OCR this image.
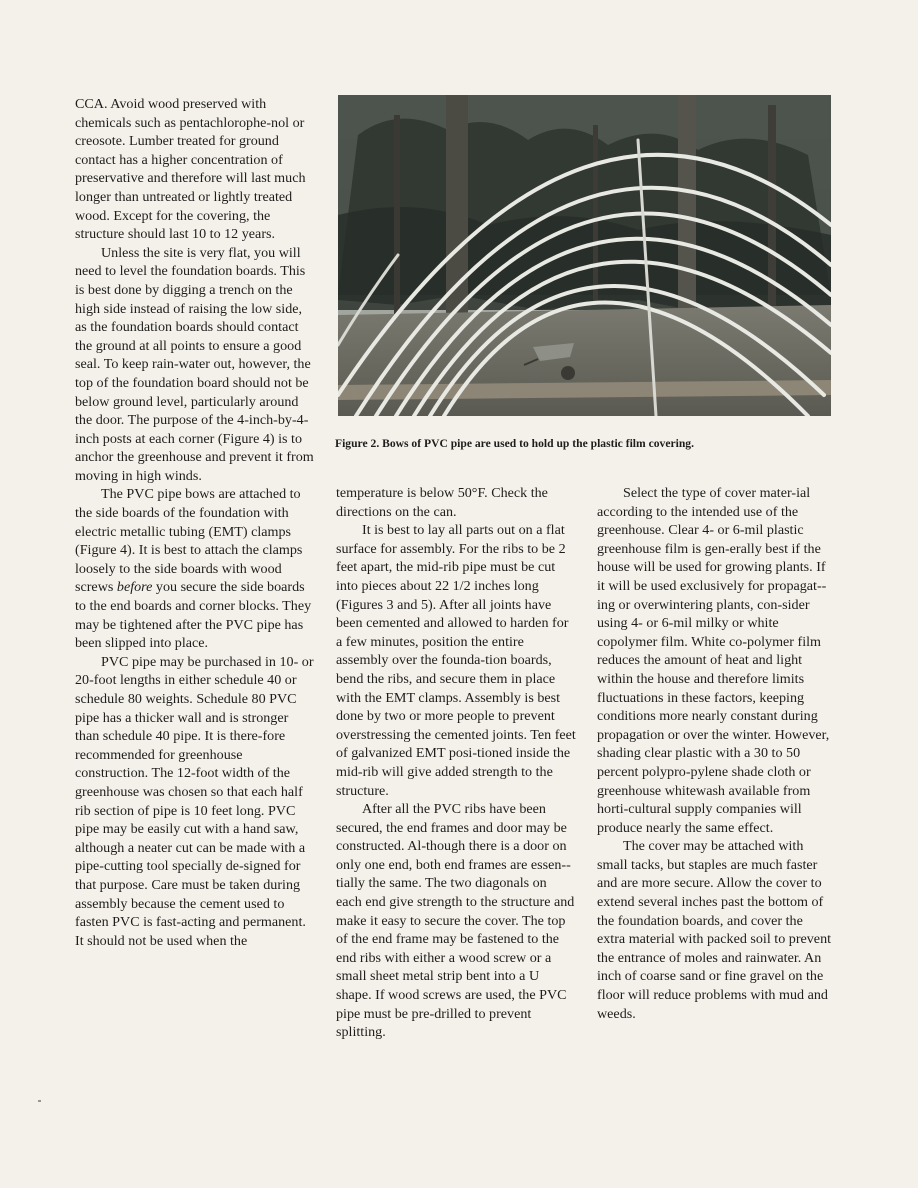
CCA. Avoid wood preserved with chemicals such as pentachlorophe-nol or creosote. Lumber treated for ground contact has a higher concentration of preservative and therefore will last much longer than untreated or lightly treated wood. Except for the covering, the structure should last 10 to 12 years.

Unless the site is very flat, you will need to level the foundation boards. This is best done by digging a trench on the high side instead of raising the low side, as the foundation boards should contact the ground at all points to ensure a good seal. To keep rain-water out, however, the top of the foundation board should not be below ground level, particularly around the door. The purpose of the 4-inch-by-4-inch posts at each corner (Figure 4) is to anchor the greenhouse and prevent it from moving in high winds.

The PVC pipe bows are attached to the side boards of the foundation with electric metallic tubing (EMT) clamps (Figure 4). It is best to attach the clamps loosely to the side boards with wood screws before you secure the side boards to the end boards and corner blocks. They may be tightened after the PVC pipe has been slipped into place.

PVC pipe may be purchased in 10- or 20-foot lengths in either schedule 40 or schedule 80 weights. Schedule 80 PVC pipe has a thicker wall and is stronger than schedule 40 pipe. It is there-fore recommended for greenhouse construction. The 12-foot width of the greenhouse was chosen so that each half rib section of pipe is 10 feet long. PVC pipe may be easily cut with a hand saw, although a neater cut can be made with a pipe-cutting tool specially de-signed for that purpose. Care must be taken during assembly because the cement used to fasten PVC is fast-acting and permanent. It should not be used when the

Figure 2. Bows of PVC pipe are used to hold up the plastic film covering.

temperature is below 50°F. Check the directions on the can.

It is best to lay all parts out on a flat surface for assembly. For the ribs to be 2 feet apart, the mid-rib pipe must be cut into pieces about 22 1/2 inches long (Figures 3 and 5). After all joints have been cemented and allowed to harden for a few minutes, position the entire assembly over the founda-tion boards, bend the ribs, and secure them in place with the EMT clamps. Assembly is best done by two or more people to prevent overstressing the cemented joints. Ten feet of galvanized EMT posi-tioned inside the mid-rib will give added strength to the structure.

After all the PVC ribs have been secured, the end frames and door may be constructed. Al-though there is a door on only one end, both end frames are essen-tially the same. The two diagonals on each end give strength to the structure and make it easy to secure the cover. The top of the end frame may be fastened to the end ribs with either a wood screw or a small sheet metal strip bent into a U shape. If wood screws are used, the PVC pipe must be pre-drilled to prevent splitting.

Select the type of cover mater-ial according to the intended use of the greenhouse. Clear 4- or 6-mil plastic greenhouse film is gen-erally best if the house will be used for growing plants. If it will be used exclusively for propagat-ing or overwintering plants, con-sider using 4- or 6-mil milky or white copolymer film. White co-polymer film reduces the amount of heat and light within the house and therefore limits fluctuations in these factors, keeping conditions more nearly constant during propagation or over the winter. However, shading clear plastic with a 30 to 50 percent polypro-pylene shade cloth or greenhouse whitewash available from horti-cultural supply companies will produce nearly the same effect.

The cover may be attached with small tacks, but staples are much faster and are more secure. Allow the cover to extend several inches past the bottom of the foundation boards, and cover the extra material with packed soil to prevent the entrance of moles and rainwater. An inch of coarse sand or fine gravel on the floor will reduce problems with mud and weeds.
